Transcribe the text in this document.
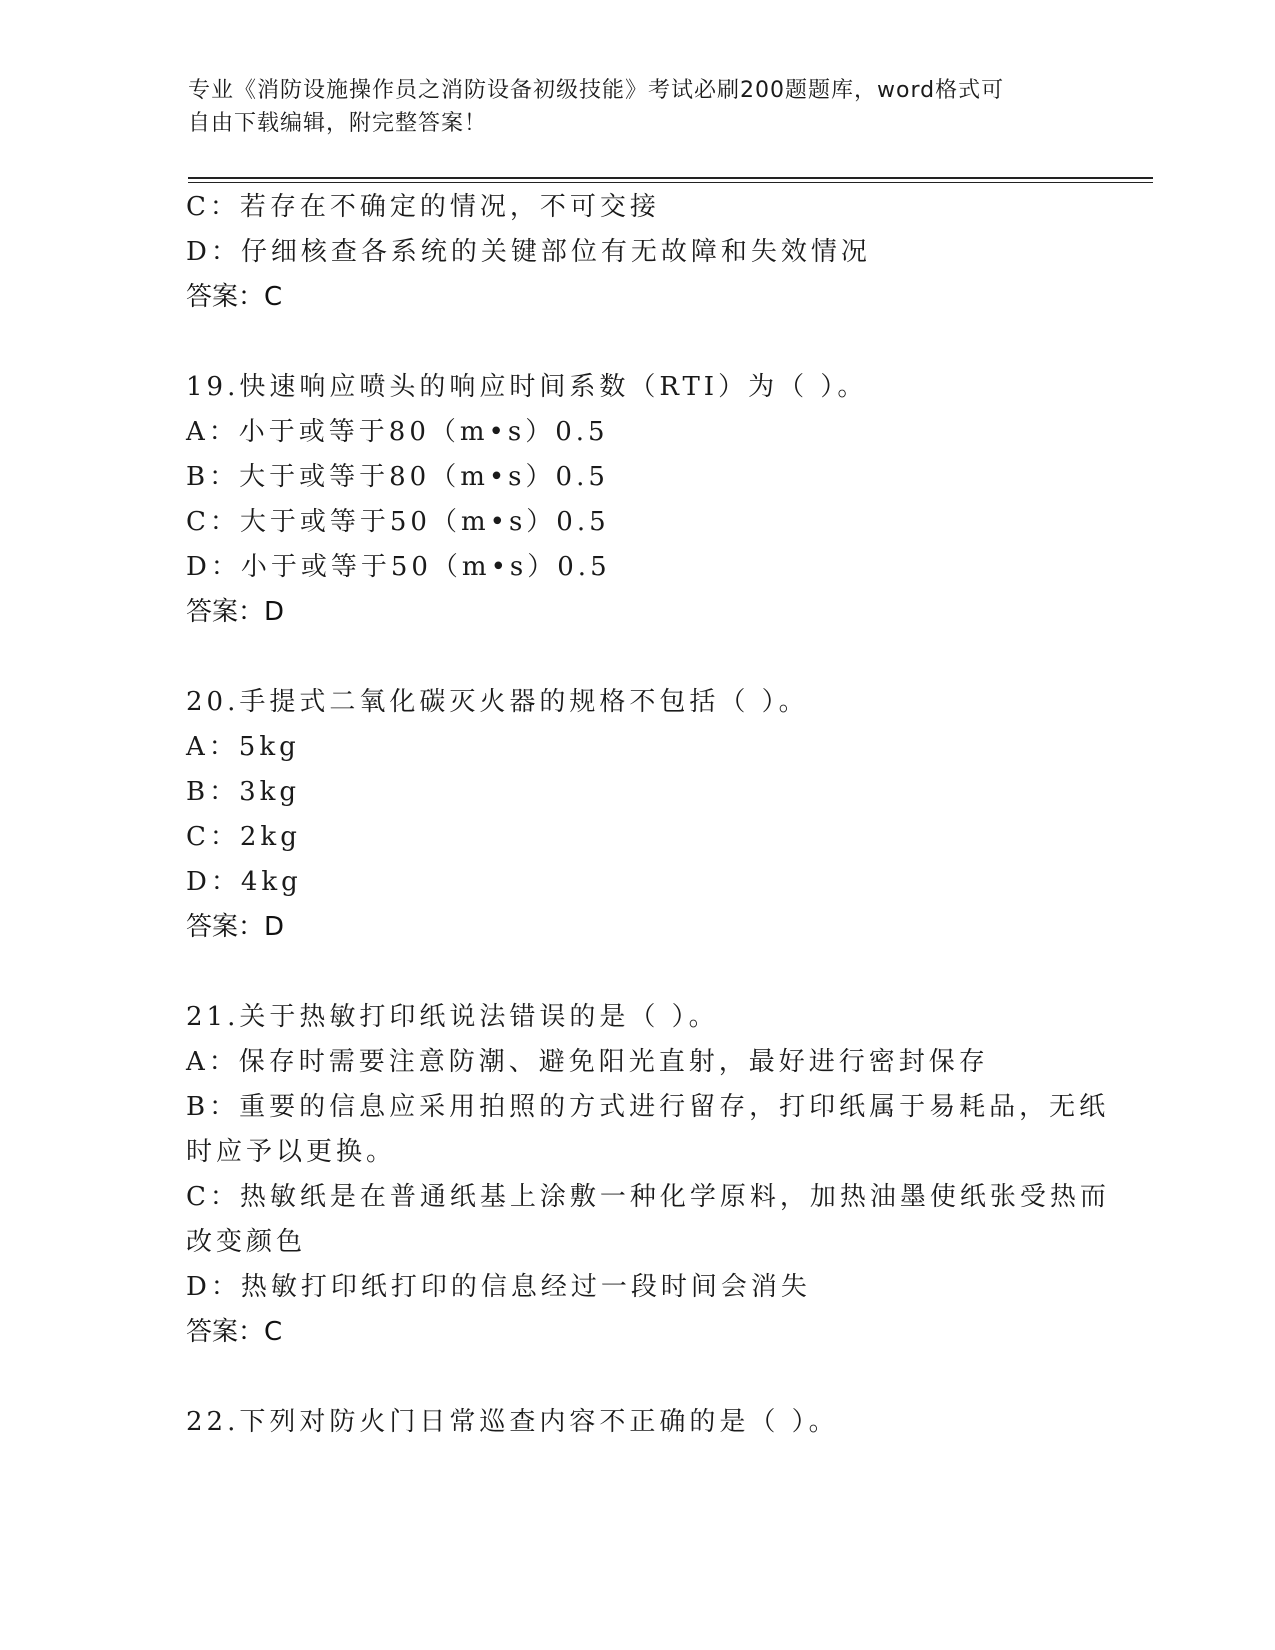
专业《消防设施操作员之消防设备初级技能》考试必刷200题题库，word格式可
自由下载编辑，附完整答案！
C：若存在不确定的情况，不可交接
D：仔细核查各系统的关键部位有无故障和失效情况
答案：C
19.快速响应喷头的响应时间系数（RTI）为（ ）。
A：小于或等于80（m•s）0.5
B：大于或等于80（m•s）0.5
C：大于或等于50（m•s）0.5
D：小于或等于50（m•s）0.5
答案：D
20.手提式二氧化碳灭火器的规格不包括（ ）。
A：5kg
B：3kg
C：2kg
D：4kg
答案：D
21.关于热敏打印纸说法错误的是（ ）。
A：保存时需要注意防潮、避免阳光直射，最好进行密封保存
B：重要的信息应采用拍照的方式进行留存，打印纸属于易耗品，无纸
时应予以更换。
C：热敏纸是在普通纸基上涂敷一种化学原料，加热油墨使纸张受热而
改变颜色
D：热敏打印纸打印的信息经过一段时间会消失
答案：C
22.下列对防火门日常巡查内容不正确的是（ ）。
